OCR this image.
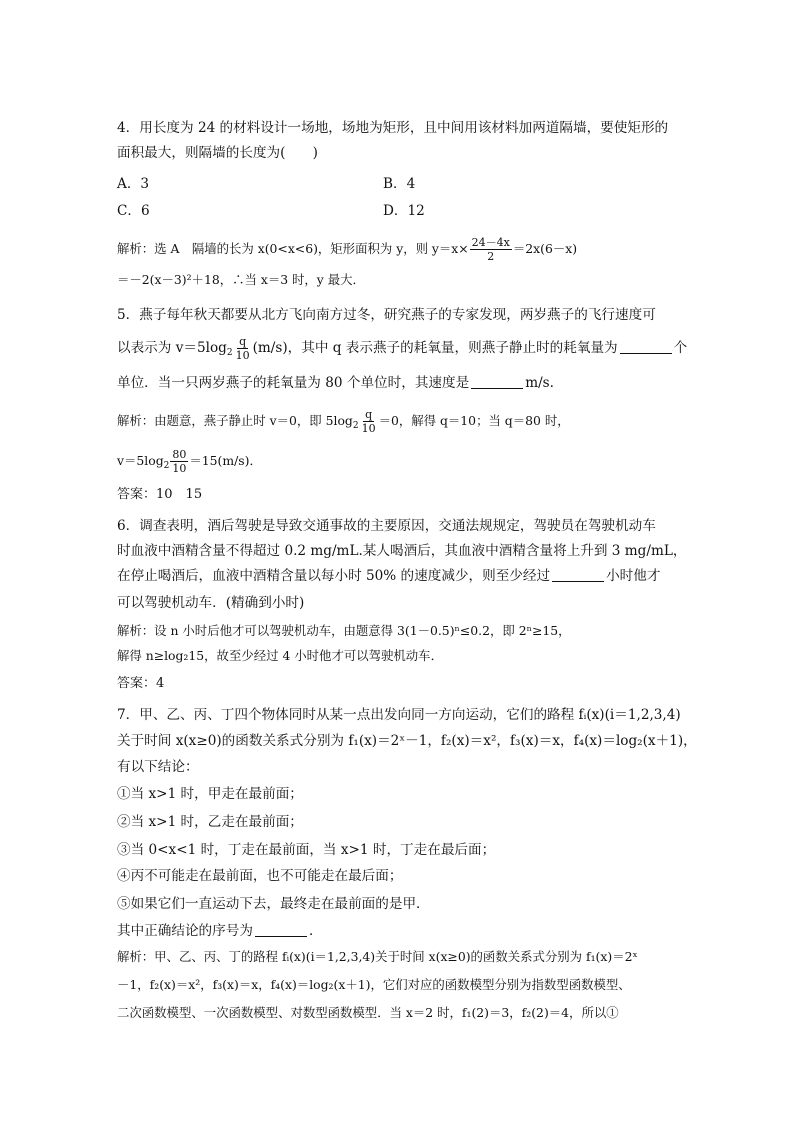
4．用长度为 24 的材料设计一场地，场地为矩形，且中间用该材料加两道隔墙，要使矩形的
面积最大，则隔墙的长度为(　　)
A．3	B．4
C．6	D．12
解析：选 A　隔墙的长为 x(0<x<6)，矩形面积为 y，则 $y=x\times \frac{24-4x}{2} =2x(6-x)$
＝－2(x－3)²＋18，∴当 x＝3 时，y 最大．
5．燕子每年秋天都要从北方飞向南方过冬，研究燕子的专家发现，两岁燕子的飞行速度可
以表示为 $v=5\log_2 \frac{q}{10} (m/s)$，其中 q 表示燕子的耗氧量，则燕子静止时的耗氧量为	个
单位．当一只两岁燕子的耗氧量为 80 个单位时，其速度是	m/s.
解析：由题意，燕子静止时 v＝0，即 $5\log_2 \frac{q}{10} =0$，解得 q＝10；当 q＝80 时，
$v=5\log_2 \frac{80}{10} =15(m/s)$．
答案：10　15
6．调查表明，酒后驾驶是导致交通事故的主要原因，交通法规规定，驾驶员在驾驶机动车
时血液中酒精含量不得超过 0.2 mg/mL.某人喝酒后，其血液中酒精含量将上升到 3 mg/mL，
在停止喝酒后，血液中酒精含量以每小时 50% 的速度减少，则至少经过	小时他才
可以驾驶机动车．(精确到小时)
解析：设 n 小时后他才可以驾驶机动车，由题意得 3(1－0.5)ⁿ≤0.2，即 2ⁿ≥15，
解得 n≥log₂15，故至少经过 4 小时他才可以驾驶机动车．
答案：4
7．甲、乙、丙、丁四个物体同时从某一点出发向同一方向运动，它们的路程 fᵢ(x)(i＝1,2,3,4)
关于时间 x(x≥0)的函数关系式分别为 f₁(x)＝2ˣ－1，f₂(x)＝x²，f₃(x)＝x，f₄(x)＝log₂(x＋1)，
有以下结论：
①当 x>1 时，甲走在最前面；
②当 x>1 时，乙走在最前面；
③当 0<x<1 时，丁走在最前面，当 x>1 时，丁走在最后面；
④丙不可能走在最前面，也不可能走在最后面；
⑤如果它们一直运动下去，最终走在最前面的是甲．
其中正确结论的序号为	．
解析：甲、乙、丙、丁的路程 fᵢ(x)(i＝1,2,3,4)关于时间 x(x≥0)的函数关系式分别为 f₁(x)＝2ˣ
－1，f₂(x)＝x²，f₃(x)＝x，f₄(x)＝log₂(x＋1)，它们对应的函数模型分别为指数型函数模型、
二次函数模型、一次函数模型、对数型函数模型．当 x＝2 时，f₁(2)＝3，f₂(2)＝4，所以①
